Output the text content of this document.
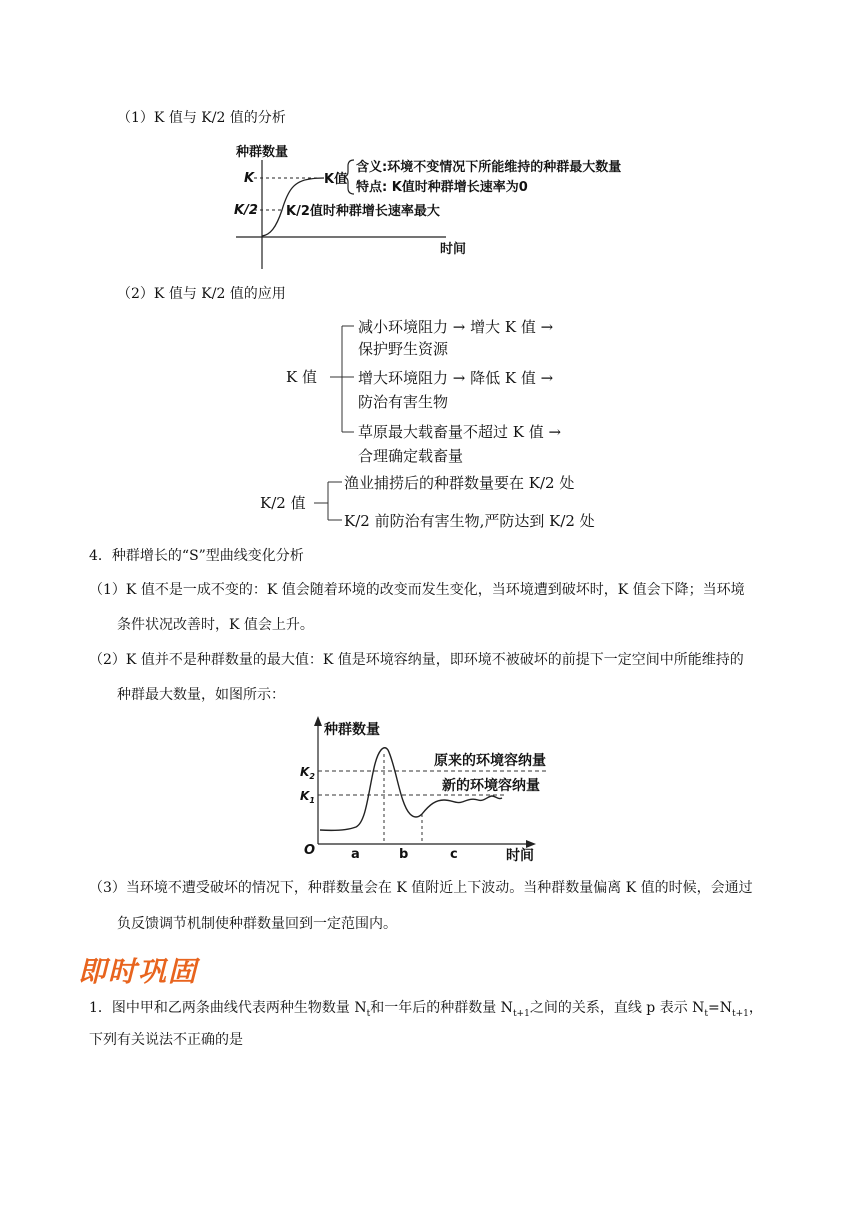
（1）K 值与 K/2 值的分析
种群数量
K
K/2
K值
K/2值时种群增长速率最大
时间
含义:环境不变情况下所能维持的种群最大数量
特点: K值时种群增长速率为0
（2）K 值与 K/2 值的应用
K 值
减小环境阻力 → 增大 K 值 →
保护野生资源
增大环境阻力 → 降低 K 值 →
防治有害生物
草原最大载畜量不超过 K 值 →
合理确定载畜量
K/2 值
渔业捕捞后的种群数量要在 K/2 处
K/2 前防治有害生物,严防达到 K/2 处
4．种群增长的“S”型曲线变化分析
（1）K 值不是一成不变的：K 值会随着环境的改变而发生变化，当环境遭到破坏时，K 值会下降；当环境
条件状况改善时，K 值会上升。
（2）K 值并不是种群数量的最大值：K 值是环境容纳量，即环境不被破坏的前提下一定空间中所能维持的
种群最大数量，如图所示：
种群数量
$K_2$
$K_1$
原来的环境容纳量
新的环境容纳量
O	a	b	c	时间
（3）当环境不遭受破坏的情况下，种群数量会在 K 值附近上下波动。当种群数量偏离 K 值的时候，会通过
负反馈调节机制使种群数量回到一定范围内。
即时巩固
1．图中甲和乙两条曲线代表两种生物数量 $N_t$和一年后的种群数量 $N_{t+1}$之间的关系，直线 p 表示 $N_t=N_{t+1}$，
下列有关说法不正确的是
